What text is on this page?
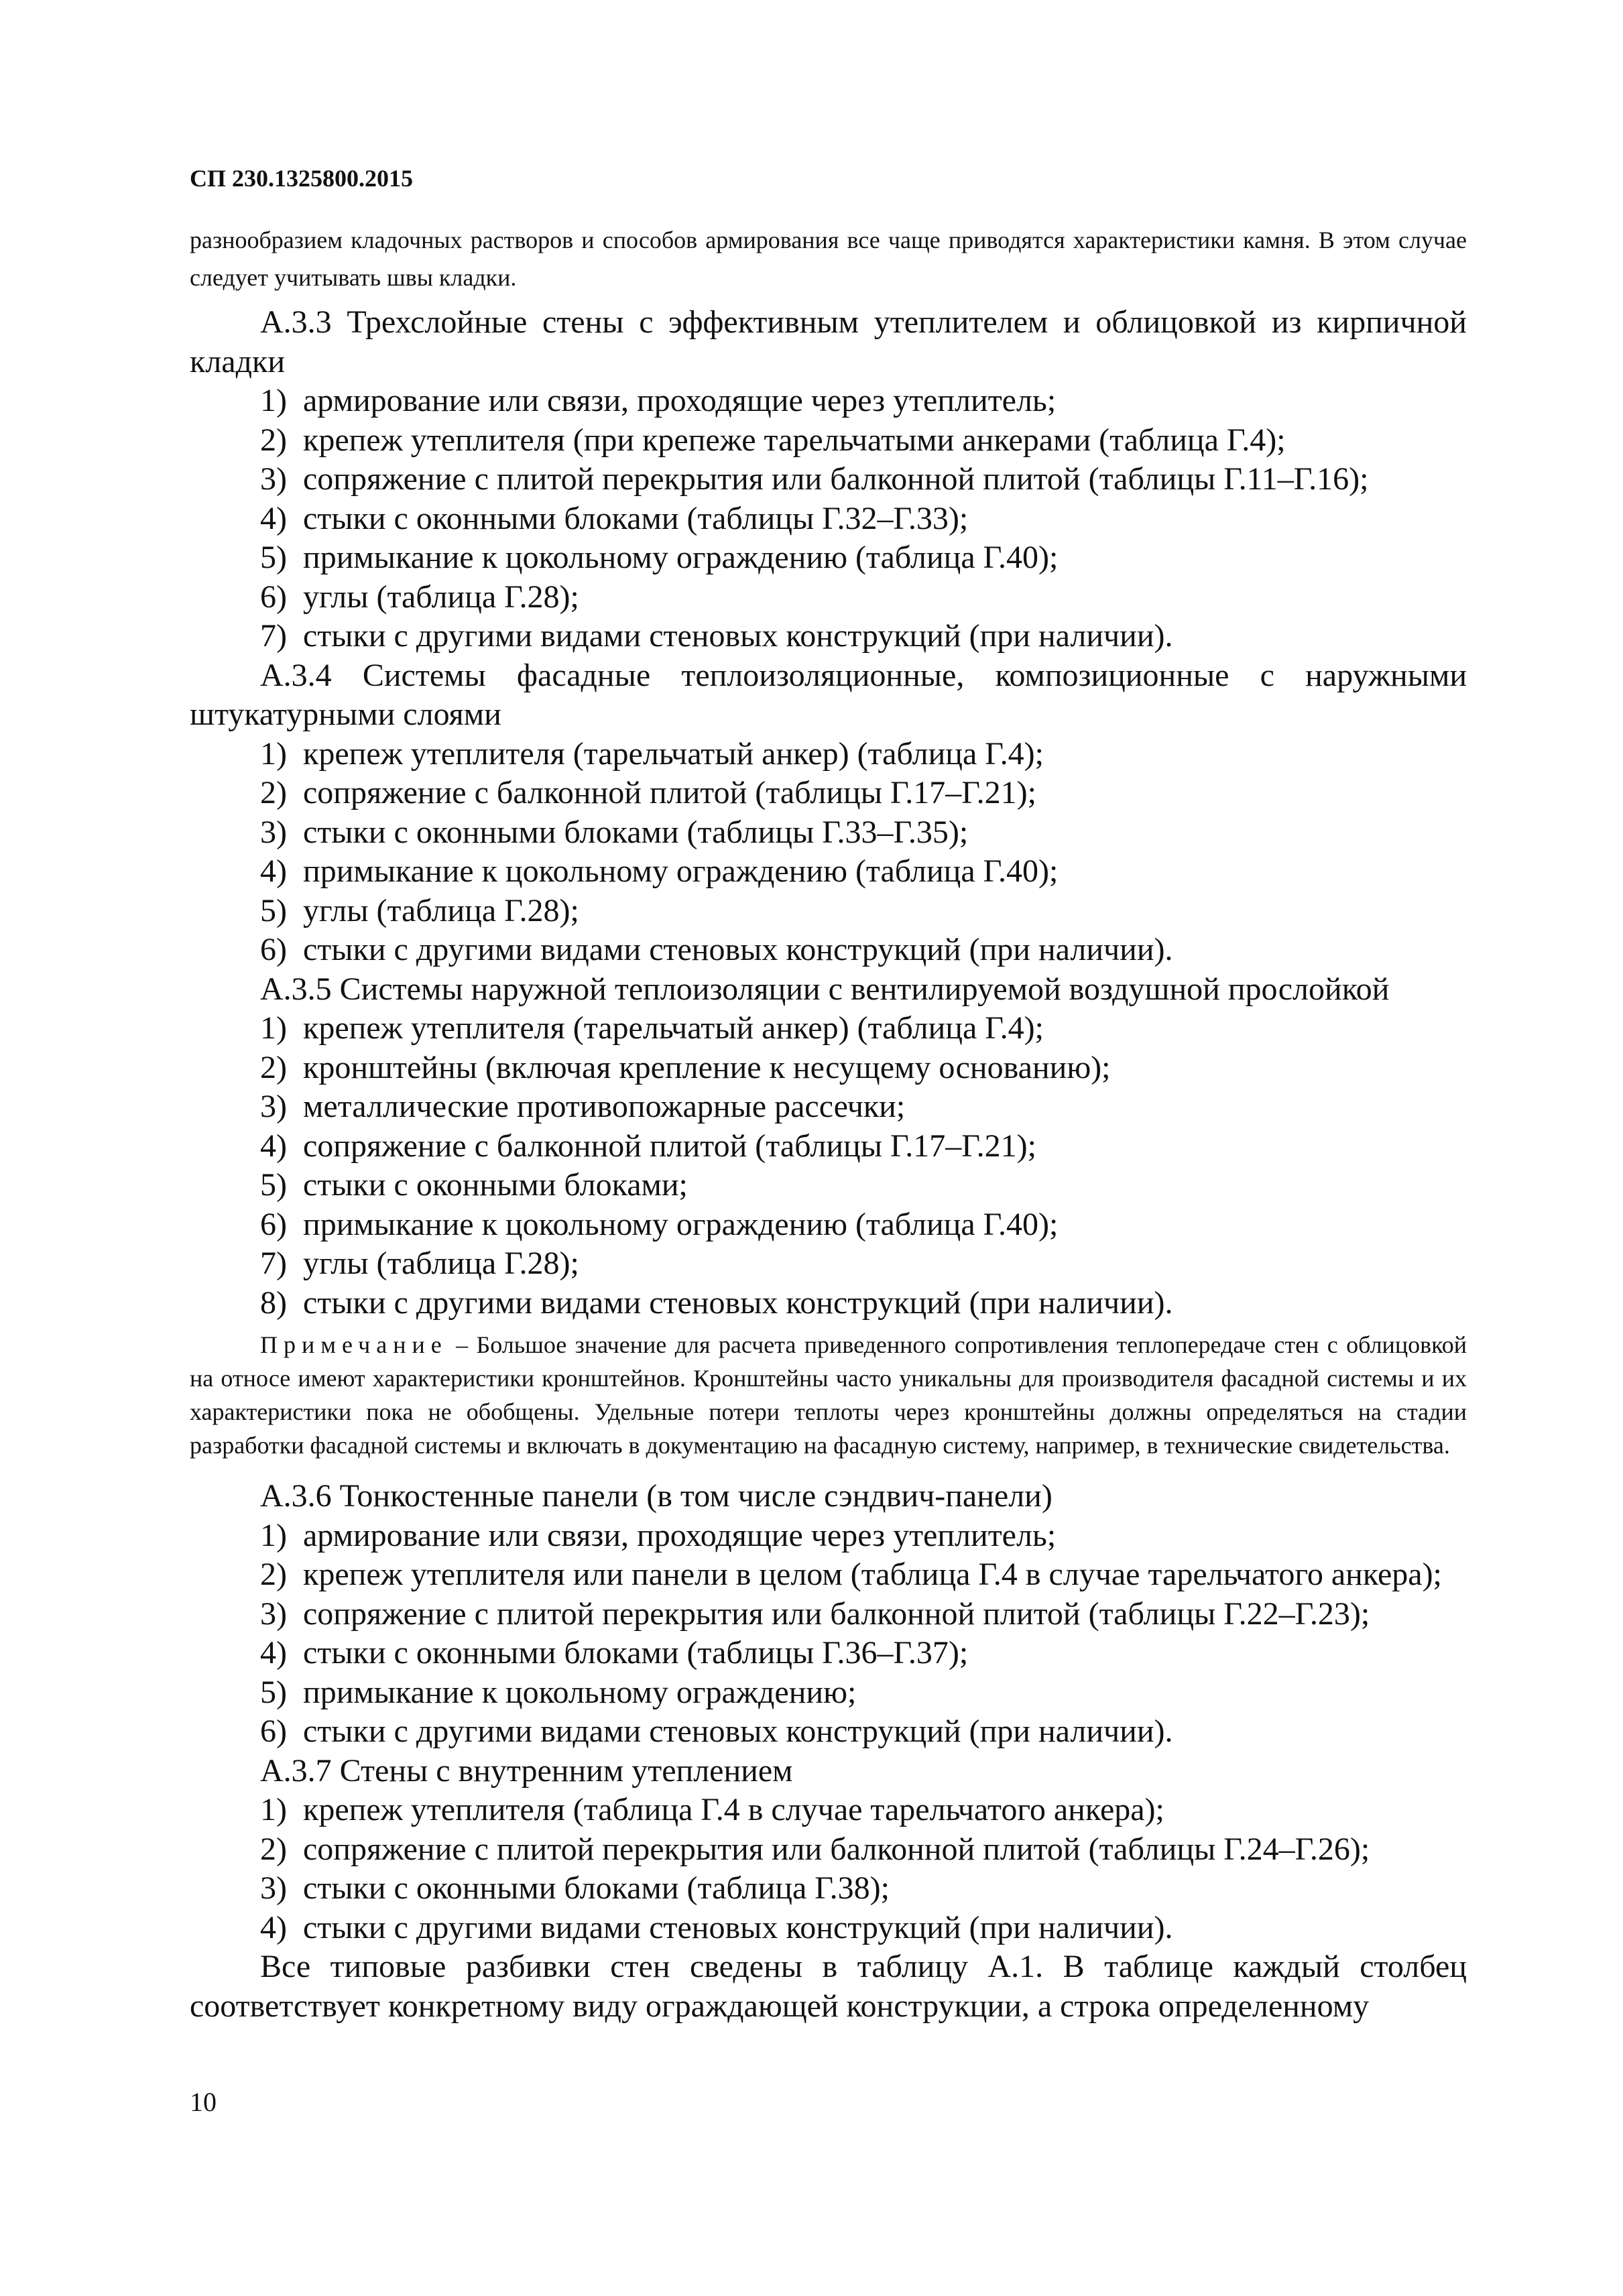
СП 230.1325800.2015
разнообразием кладочных растворов и способов армирования все чаще приводятся характеристики камня. В этом случае следует учитывать швы кладки.

А.3.3 Трехслойные стены с эффективным утеплителем и облицовкой из кирпичной кладки

1) армирование или связи, проходящие через утеплитель;

2) крепеж утеплителя (при крепеже тарельчатыми анкерами (таблица Г.4);

3) сопряжение с плитой перекрытия или балконной плитой (таблицы Г.11–Г.16);

4) стыки с оконными блоками (таблицы Г.32–Г.33);

5) примыкание к цокольному ограждению (таблица Г.40);

6) углы (таблица Г.28);

7) стыки с другими видами стеновых конструкций (при наличии).

А.3.4 Системы фасадные теплоизоляционные, композиционные с наружными штукатурными слоями

1) крепеж утеплителя (тарельчатый анкер) (таблица Г.4);

2) сопряжение с балконной плитой (таблицы Г.17–Г.21);

3) стыки с оконными блоками (таблицы Г.33–Г.35);

4) примыкание к цокольному ограждению (таблица Г.40);

5) углы (таблица Г.28);

6) стыки с другими видами стеновых конструкций (при наличии).

А.3.5 Системы наружной теплоизоляции с вентилируемой воздушной прослойкой

1) крепеж утеплителя (тарельчатый анкер) (таблица Г.4);

2) кронштейны (включая крепление к несущему основанию);

3) металлические противопожарные рассечки;

4) сопряжение с балконной плитой (таблицы Г.17–Г.21);

5) стыки с оконными блоками;

6) примыкание к цокольному ограждению (таблица Г.40);

7) углы (таблица Г.28);

8) стыки с другими видами стеновых конструкций (при наличии).

Примечание – Большое значение для расчета приведенного сопротивления теплопередаче стен с облицовкой на относе имеют характеристики кронштейнов. Кронштейны часто уникальны для производителя фасадной системы и их характеристики пока не обобщены. Удельные потери теплоты через кронштейны должны определяться на стадии разработки фасадной системы и включать в документацию на фасадную систему, например, в технические свидетельства.

А.3.6 Тонкостенные панели (в том числе сэндвич-панели)

1) армирование или связи, проходящие через утеплитель;

2) крепеж утеплителя или панели в целом (таблица Г.4 в случае тарельчатого анкера);

3) сопряжение с плитой перекрытия или балконной плитой (таблицы Г.22–Г.23);

4) стыки с оконными блоками (таблицы Г.36–Г.37);

5) примыкание к цокольному ограждению;

6) стыки с другими видами стеновых конструкций (при наличии).

А.3.7 Стены с внутренним утеплением

1) крепеж утеплителя (таблица Г.4 в случае тарельчатого анкера);

2) сопряжение с плитой перекрытия или балконной плитой (таблицы Г.24–Г.26);

3) стыки с оконными блоками (таблица Г.38);

4) стыки с другими видами стеновых конструкций (при наличии).

Все типовые разбивки стен сведены в таблицу А.1. В таблице каждый столбец соответствует конкретному виду ограждающей конструкции, а строка определенному

10
